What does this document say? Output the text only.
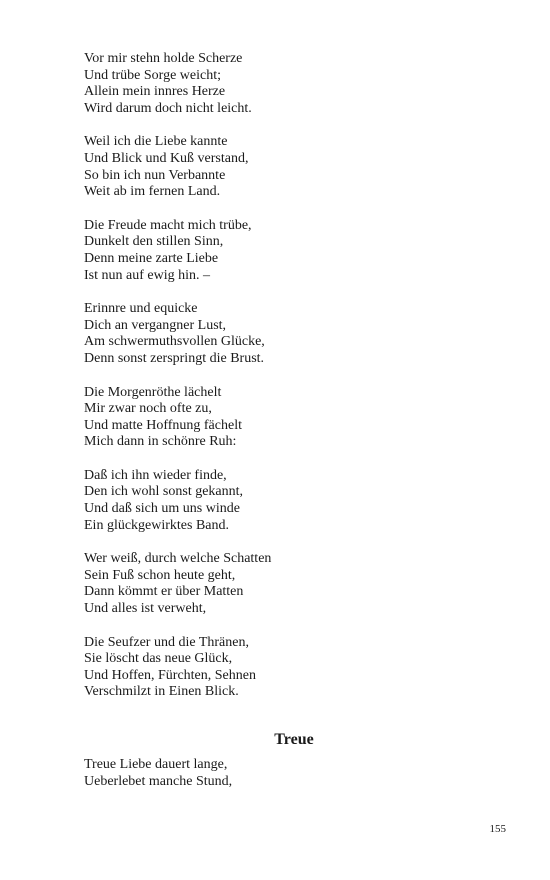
Vor mir stehn holde Scherze
Und trübe Sorge weicht;
Allein mein innres Herze
Wird darum doch nicht leicht.
Weil ich die Liebe kannte
Und Blick und Kuß verstand,
So bin ich nun Verbannte
Weit ab im fernen Land.
Die Freude macht mich trübe,
Dunkelt den stillen Sinn,
Denn meine zarte Liebe
Ist nun auf ewig hin. –
Erinnre und equicke
Dich an vergangner Lust,
Am schwermuthsvollen Glücke,
Denn sonst zerspringt die Brust.
Die Morgenröthe lächelt
Mir zwar noch ofte zu,
Und matte Hoffnung fächelt
Mich dann in schönre Ruh:
Daß ich ihn wieder finde,
Den ich wohl sonst gekannt,
Und daß sich um uns winde
Ein glückgewirktes Band.
Wer weiß, durch welche Schatten
Sein Fuß schon heute geht,
Dann kömmt er über Matten
Und alles ist verweht,
Die Seufzer und die Thränen,
Sie löscht das neue Glück,
Und Hoffen, Fürchten, Sehnen
Verschmilzt in Einen Blick.
Treue
Treue Liebe dauert lange,
Ueberlebet manche Stund,
155
